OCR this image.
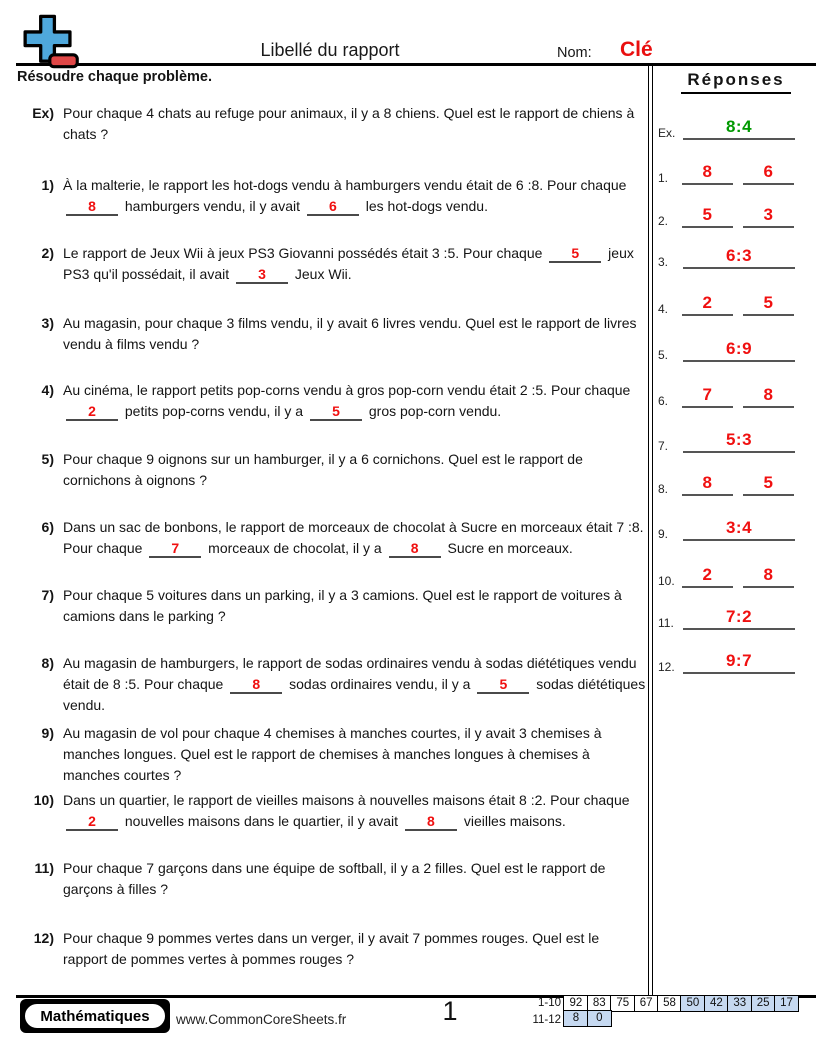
Libellé du rapport	Nom: Clé
Résoudre chaque problème.	Réponses
Ex.	8:4
1.	8	6
2.	5	3
3.	6:3
4.	2	5
5.	6:9
6.	7	8
7.	5:3
8.	8	5
9.	3:4
10.	2	8
11.	7:2
12.	9:7
Ex) Pour chaque 4 chats au refuge pour animaux, il y a 8 chiens. Quel est le rapport de chiens à chats ?
1) À la malterie, le rapport les hot-dogs vendu à hamburgers vendu était de 6 :8. Pour chaque 8 hamburgers vendu, il y avait 6 les hot-dogs vendu.
2) Le rapport de Jeux Wii à jeux PS3 Giovanni possédés était 3 :5. Pour chaque 5 jeux PS3 qu'il possédait, il avait 3 Jeux Wii.
3) Au magasin, pour chaque 3 films vendu, il y avait 6 livres vendu. Quel est le rapport de livres vendu à films vendu ?
4) Au cinéma, le rapport petits pop-corns vendu à gros pop-corn vendu était 2 :5. Pour chaque 2 petits pop-corns vendu, il y a 5 gros pop-corn vendu.
5) Pour chaque 9 oignons sur un hamburger, il y a 6 cornichons. Quel est le rapport de cornichons à oignons ?
6) Dans un sac de bonbons, le rapport de morceaux de chocolat à Sucre en morceaux était 7 :8. Pour chaque 7 morceaux de chocolat, il y a 8 Sucre en morceaux.
7) Pour chaque 5 voitures dans un parking, il y a 3 camions. Quel est le rapport de voitures à camions dans le parking ?
8) Au magasin de hamburgers, le rapport de sodas ordinaires vendu à sodas diététiques vendu était de 8 :5. Pour chaque 8 sodas ordinaires vendu, il y a 5 sodas diététiques vendu.
9) Au magasin de vol pour chaque 4 chemises à manches courtes, il y avait 3 chemises à manches longues. Quel est le rapport de chemises à manches longues à chemises à manches courtes ?
10) Dans un quartier, le rapport de vieilles maisons à nouvelles maisons était 8 :2. Pour chaque 2 nouvelles maisons dans le quartier, il y avait 8 vieilles maisons.
11) Pour chaque 7 garçons dans une équipe de softball, il y a 2 filles. Quel est le rapport de garçons à filles ?
12) Pour chaque 9 pommes vertes dans un verger, il y avait 7 pommes rouges. Quel est le rapport de pommes vertes à pommes rouges ?
Mathématiques	www.CommonCoreSheets.fr	1	1-10 92 83 75 67 58 50 42 33 25 17
11-12	8	0
